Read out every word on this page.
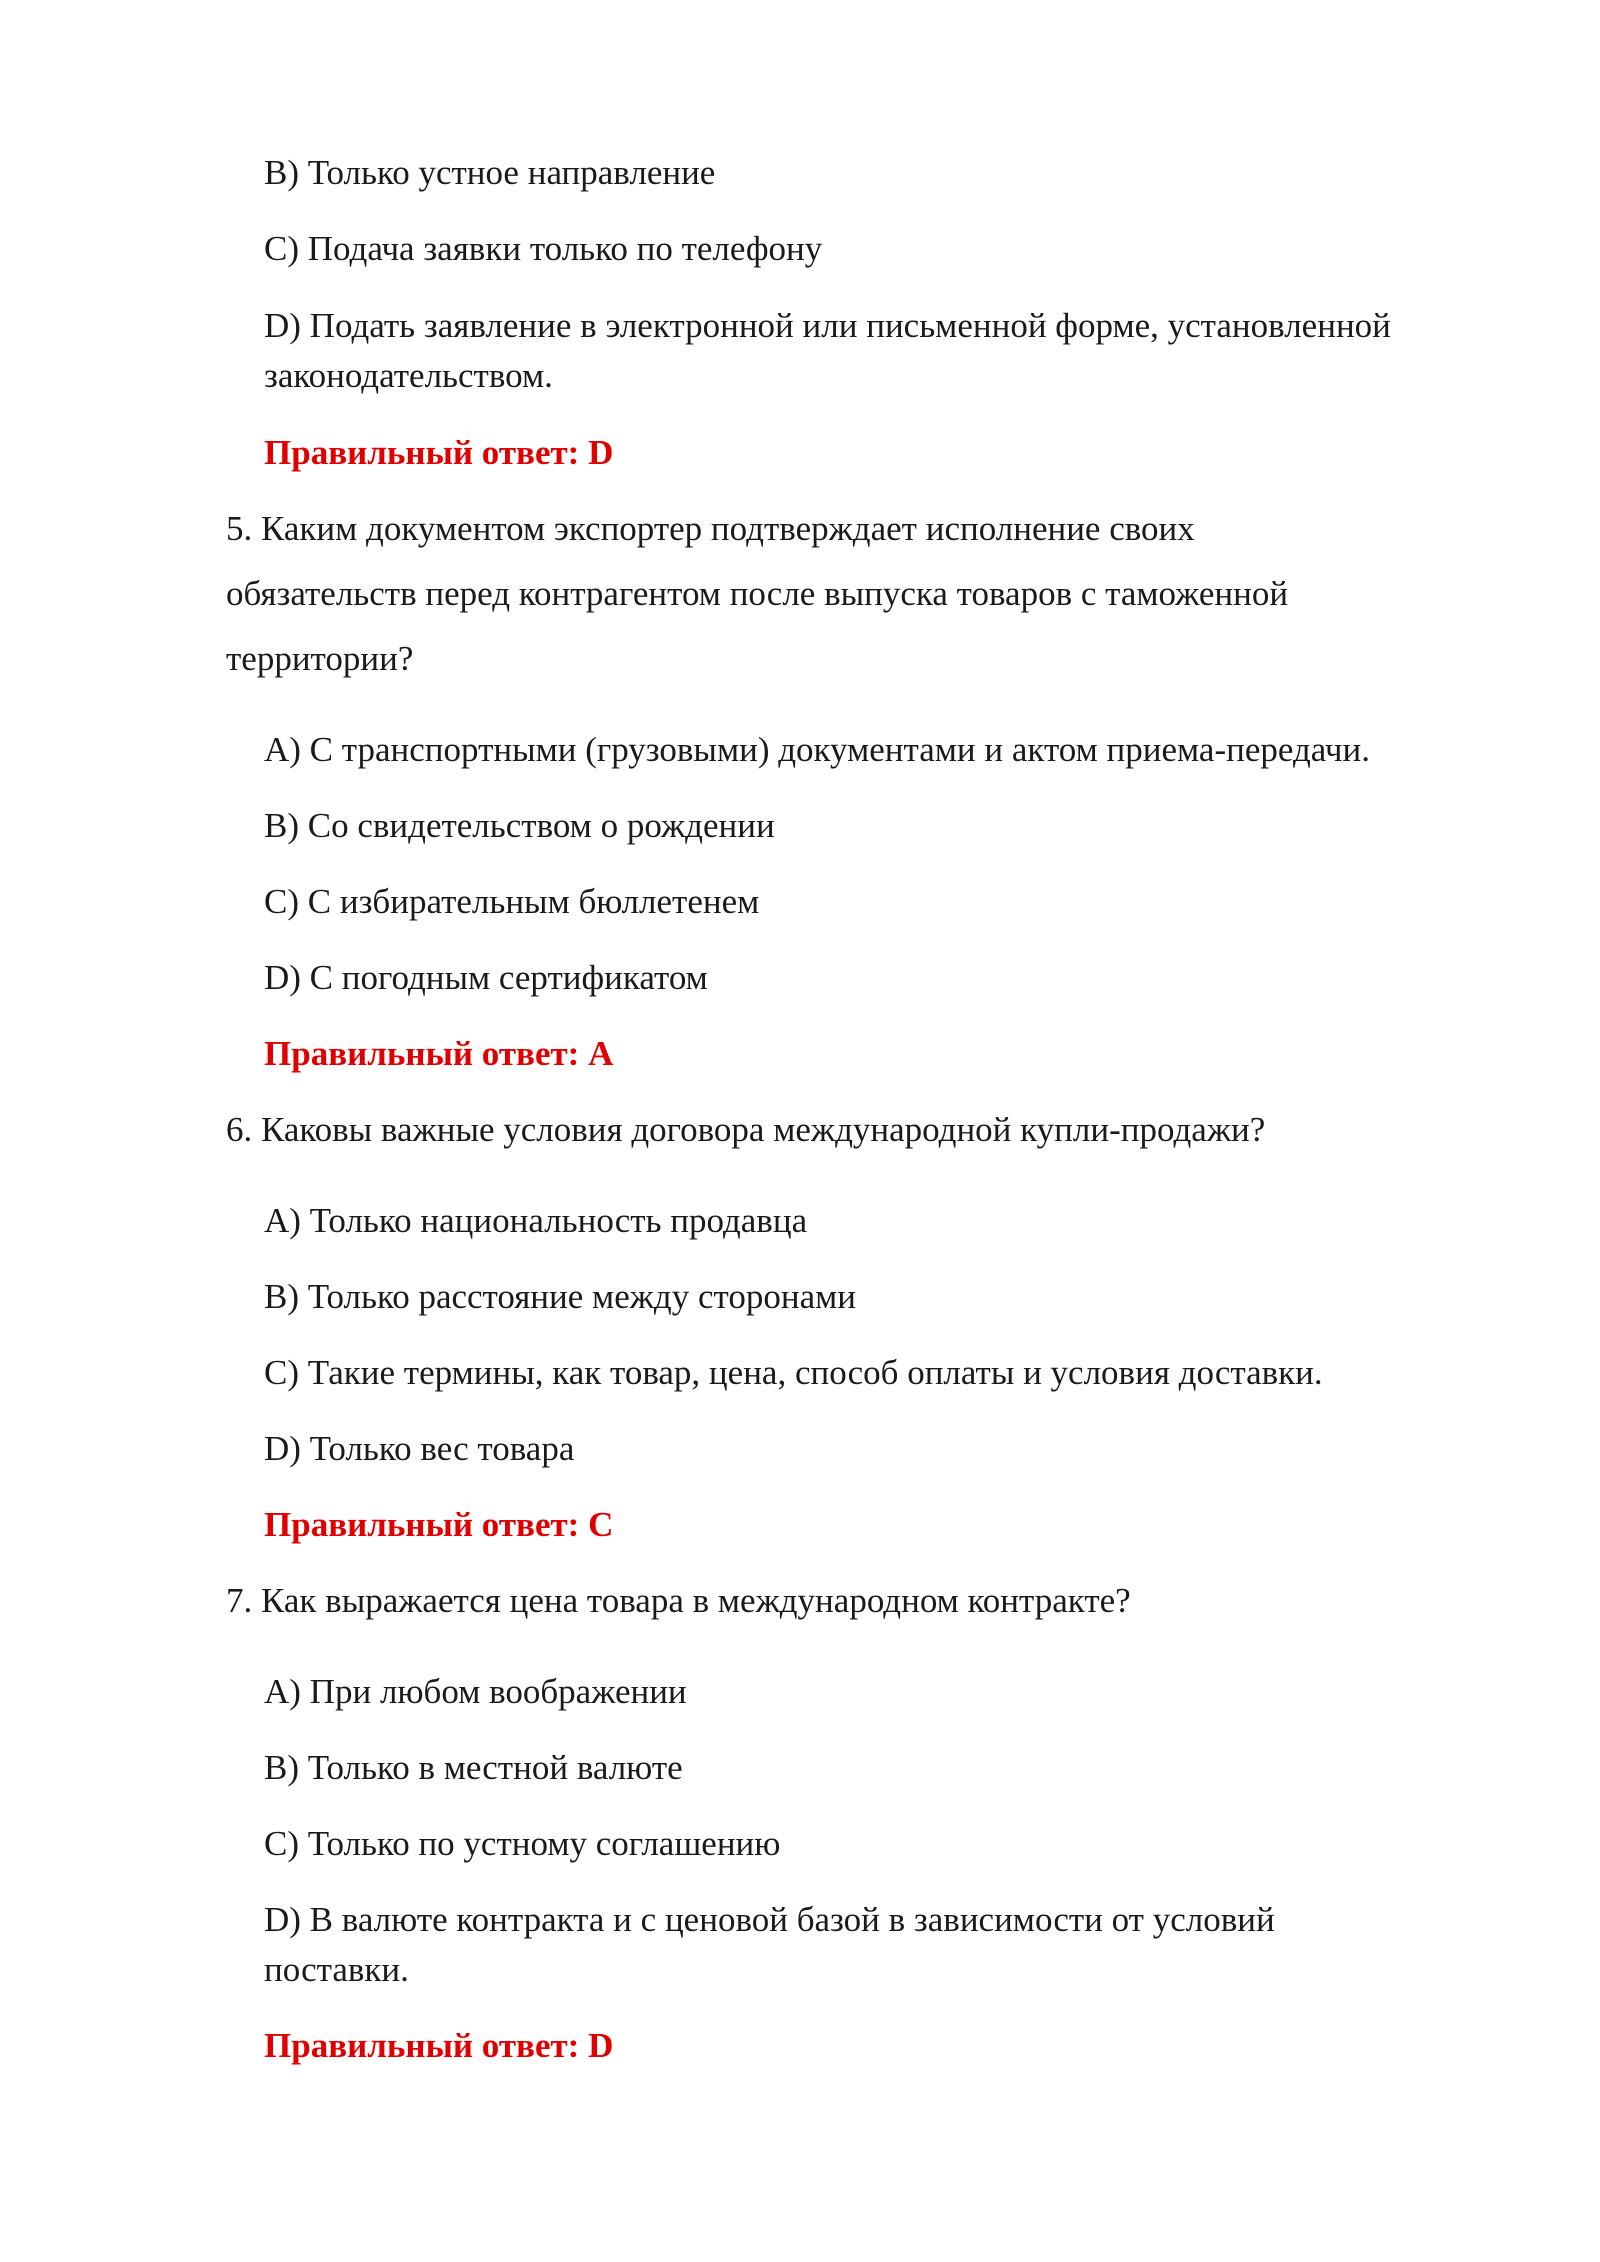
B) Только устное направление
C) Подача заявки только по телефону
D) Подать заявление в электронной или письменной форме, установленной
законодательством.
Правильный ответ: D
5. Каким документом экспортер подтверждает исполнение своих
обязательств перед контрагентом после выпуска товаров с таможенной
территории?
A) С транспортными (грузовыми) документами и актом приема-передачи.
B) Со свидетельством о рождении
C) С избирательным бюллетенем
D) С погодным сертификатом
Правильный ответ: A
6. Каковы важные условия договора международной купли-продажи?
A) Только национальность продавца
B) Только расстояние между сторонами
C) Такие термины, как товар, цена, способ оплаты и условия доставки.
D) Только вес товара
Правильный ответ: C
7. Как выражается цена товара в международном контракте?
A) При любом воображении
B) Только в местной валюте
C) Только по устному соглашению
D) В валюте контракта и с ценовой базой в зависимости от условий
поставки.
Правильный ответ: D
